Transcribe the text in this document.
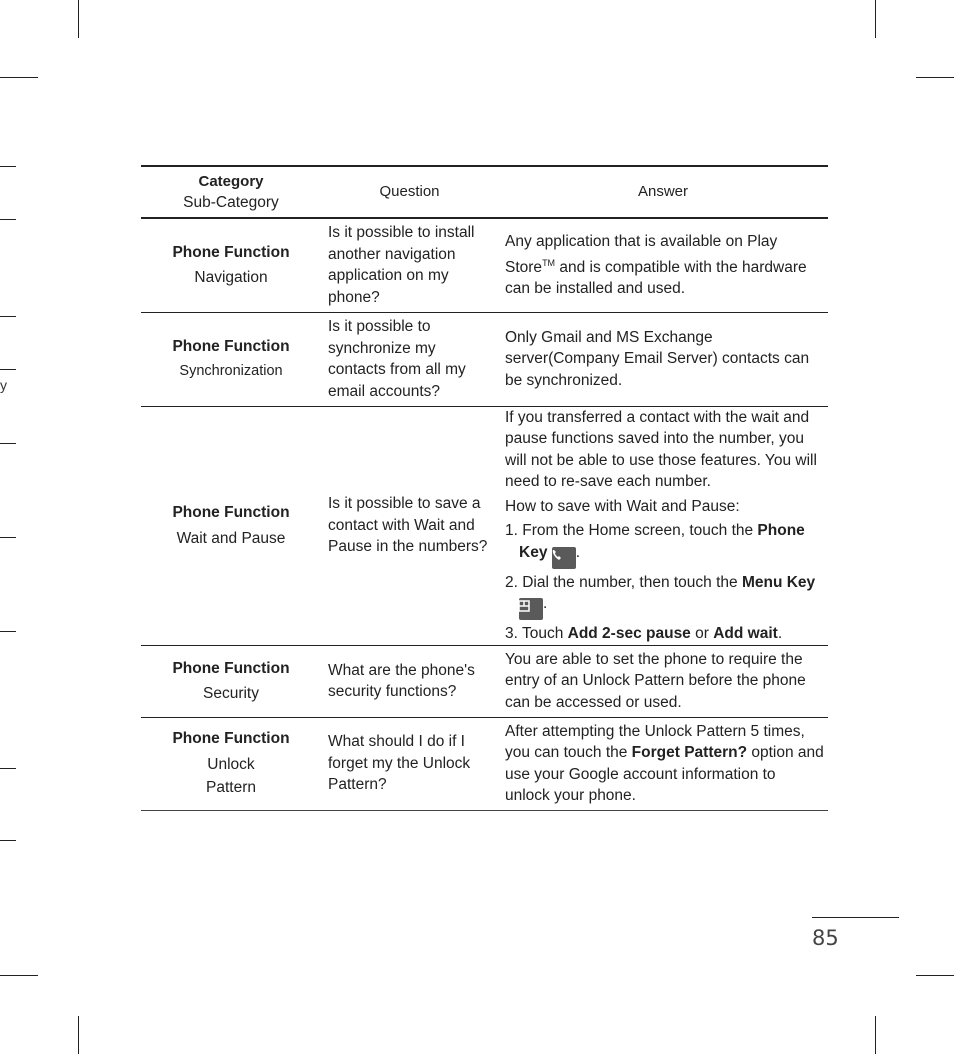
y
Category
Sub-Category	Question	Answer

Phone Function
Navigation	Is it possible to install another navigation application on my phone?	Any application that is available on Play Store™ and is compatible with the hardware can be installed and used.

Phone Function
Synchronization	Is it possible to synchronize my contacts from all my email accounts?	Only Gmail and MS Exchange server(Company Email Server) contacts can be synchronized.

Phone Function
Wait and Pause	Is it possible to save a contact with Wait and Pause in the numbers?	If you transferred a contact with the wait and pause functions saved into the number, you will not be able to use those features. You will need to re-save each number.
How to save with Wait and Pause:
1. From the Home screen, touch the Phone Key .
2. Dial the number, then touch the Menu Key .
3. Touch Add 2-sec pause or Add wait.

Phone Function
Security	What are the phone's security functions?	You are able to set the phone to require the entry of an Unlock Pattern before the phone can be accessed or used.

Phone Function
Unlock
Pattern	What should I do if I forget my the Unlock Pattern?	After attempting the Unlock Pattern 5 times, you can touch the Forget Pattern? option and use your Google account information to unlock your phone.
85
